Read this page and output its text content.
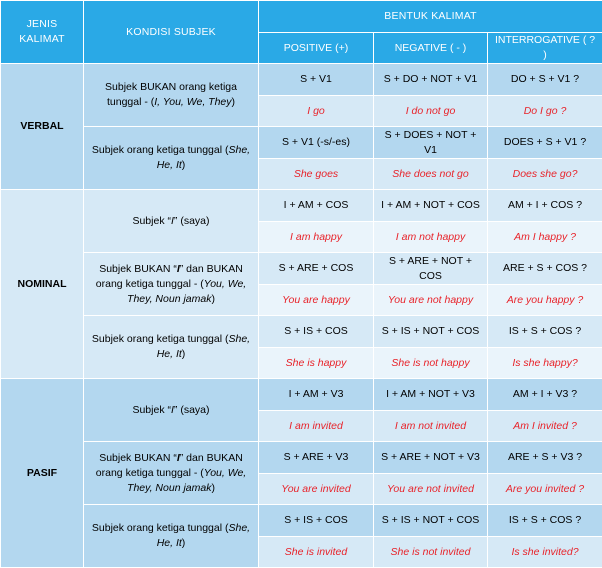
JENIS KALIMAT	KONDISI SUBJEK	BENTUK KALIMAT		
		POSITIVE (+)	NEGATIVE ( - )	INTERROGATIVE ( ? )
VERBAL	Subjek BUKAN orang ketiga tunggal - (I, You, We, They)	S + V1	S + DO + NOT + V1	DO + S + V1 ?
		I go	I do not go	Do I go ?
	Subjek orang ketiga tunggal (She, He, It)	S + V1 (-s/-es)	S + DOES + NOT + V1	DOES + S + V1 ?
		She goes	She does not go	Does she go?
NOMINAL	Subjek “I” (saya)	I + AM + COS	I + AM + NOT + COS	AM + I + COS ?
		I am happy	I am not happy	Am I happy ?
	Subjek BUKAN “I” dan BUKAN orang ketiga tunggal - (You, We, They, Noun jamak)	S + ARE + COS	S + ARE + NOT + COS	ARE + S + COS ?
		You are happy	You are not happy	Are you happy ?
	Subjek orang ketiga tunggal (She, He, It)	S + IS + COS	S + IS + NOT + COS	IS + S + COS ?
		She is happy	She is not happy	Is she happy?
PASIF	Subjek “I” (saya)	I + AM + V3	I + AM + NOT + V3	AM + I + V3 ?
		I am invited	I am not invited	Am I invited ?
	Subjek BUKAN “I” dan BUKAN orang ketiga tunggal - (You, We, They, Noun jamak)	S + ARE + V3	S + ARE + NOT + V3	ARE + S + V3 ?
		You are invited	You are not invited	Are you invited ?
	Subjek orang ketiga tunggal (She, He, It)	S + IS + COS	S + IS + NOT + COS	IS + S + COS ?
		She is invited	She is not invited	Is she invited?
